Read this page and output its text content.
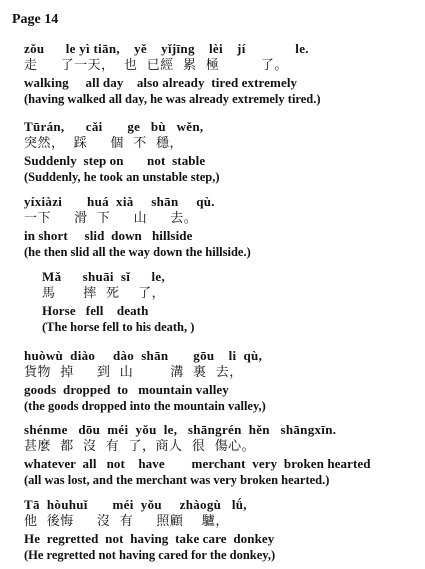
Page 14
zǒu      le yì tiān,    yě    yǐjīng    lèi    jí              le.
走     了一天，  也  已經  累  極         了。
walking     all day    also already  tired extremely
(having walked all day, he was already extremely tired.)
Tūrán,      cǎi       ge   bù   wěn,
突然，  踩     個  不  穩，
Suddenly  step on       not  stable
(Suddenly, he took an unstable step,)
yíxiàzi       huá  xià     shān     qù.
一下     滑  下     山     去。
in short     slid  down   hillside
(he then slid all the way down the hillside.)
Mǎ      shuāi  sǐ      le,
馬      摔  死    了，
Horse   fell    death
(The horse fell to his death, )
huòwù  diào     dào  shān       gōu    li  qù,
貨物  掉     到  山        溝  裏  去，
goods  dropped  to   mountain valley
(the goods dropped into the mountain valley,)
shénme   dōu  méi  yǒu  le,   shāngrén  hěn   shāngxīn.
甚麼  都  沒  有  了，商人  很  傷心。
whatever  all   not    have        merchant  very  broken hearted
(all was lost, and the merchant was very broken hearted.)
Tā  hòuhuǐ       méi  yǒu     zhàogù   lǘ,
他  後悔     沒  有     照顧    驢，
He  regretted  not  having  take care  donkey
(He regretted not having cared for the donkey,)
